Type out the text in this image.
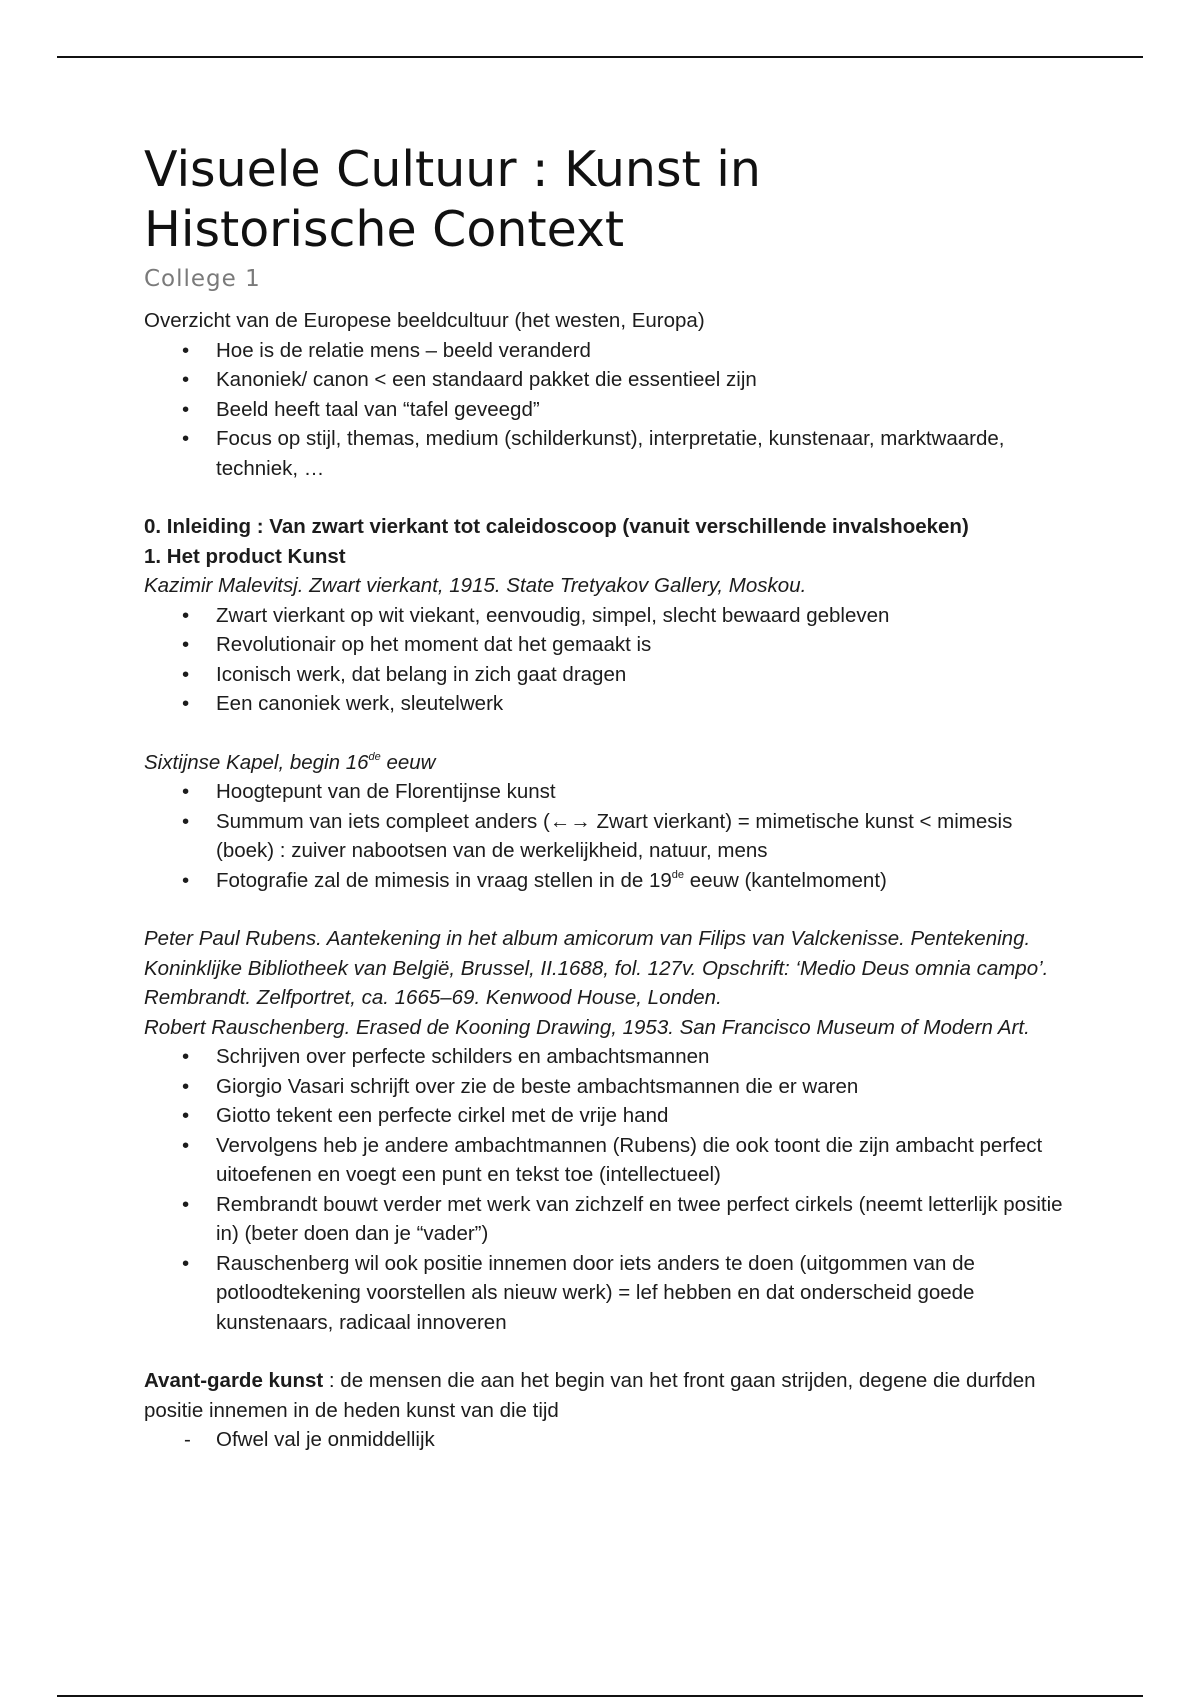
Visuele Cultuur : Kunst in
Historische Context
College 1

Overzicht van de Europese beeldcultuur (het westen, Europa)

• Hoe is de relatie mens – beeld veranderd
• Kanoniek/ canon < een standaard pakket die essentieel zijn
• Beeld heeft taal van “tafel geveegd”
• Focus op stijl, themas, medium (schilderkunst), interpretatie, kunstenaar, marktwaarde, techniek, …

0. Inleiding : Van zwart vierkant tot caleidoscoop (vanuit verschillende invalshoeken)

1. Het product Kunst

Kazimir Malevitsj. Zwart vierkant, 1915. State Tretyakov Gallery, Moskou.

• Zwart vierkant op wit viekant, eenvoudig, simpel, slecht bewaard gebleven
• Revolutionair op het moment dat het gemaakt is
• Iconisch werk, dat belang in zich gaat dragen
• Een canoniek werk, sleutelwerk

Sixtijnse Kapel, begin 16de eeuw

• Hoogtepunt van de Florentijnse kunst
• Summum van iets compleet anders (←→ Zwart vierkant) = mimetische kunst < mimesis (boek) : zuiver nabootsen van de werkelijkheid, natuur, mens
• Fotografie zal de mimesis in vraag stellen in de 19de eeuw (kantelmoment)

Peter Paul Rubens. Aantekening in het album amicorum van Filips van Valckenisse. Pentekening. Koninklijke Bibliotheek van België, Brussel, II.1688, fol. 127v. Opschrift: ‘Medio Deus omnia campo’.

Rembrandt. Zelfportret, ca. 1665–69. Kenwood House, Londen.

Robert Rauschenberg. Erased de Kooning Drawing, 1953. San Francisco Museum of Modern Art.

• Schrijven over perfecte schilders en ambachtsmannen
• Giorgio Vasari schrijft over zie de beste ambachtsmannen die er waren
• Giotto tekent een perfecte cirkel met de vrije hand
• Vervolgens heb je andere ambachtmannen (Rubens) die ook toont die zijn ambacht perfect uitoefenen en voegt een punt en tekst toe (intellectueel)
• Rembrandt bouwt verder met werk van zichzelf en twee perfect cirkels (neemt letterlijk positie in) (beter doen dan je “vader”)
• Rauschenberg wil ook positie innemen door iets anders te doen (uitgommen van de potloodtekening voorstellen als nieuw werk) = lef hebben en dat onderscheid goede kunstenaars, radicaal innoveren

Avant-garde kunst : de mensen die aan het begin van het front gaan strijden, degene die durfden positie innemen in de heden kunst van die tijd

- Ofwel val je onmiddellijk
